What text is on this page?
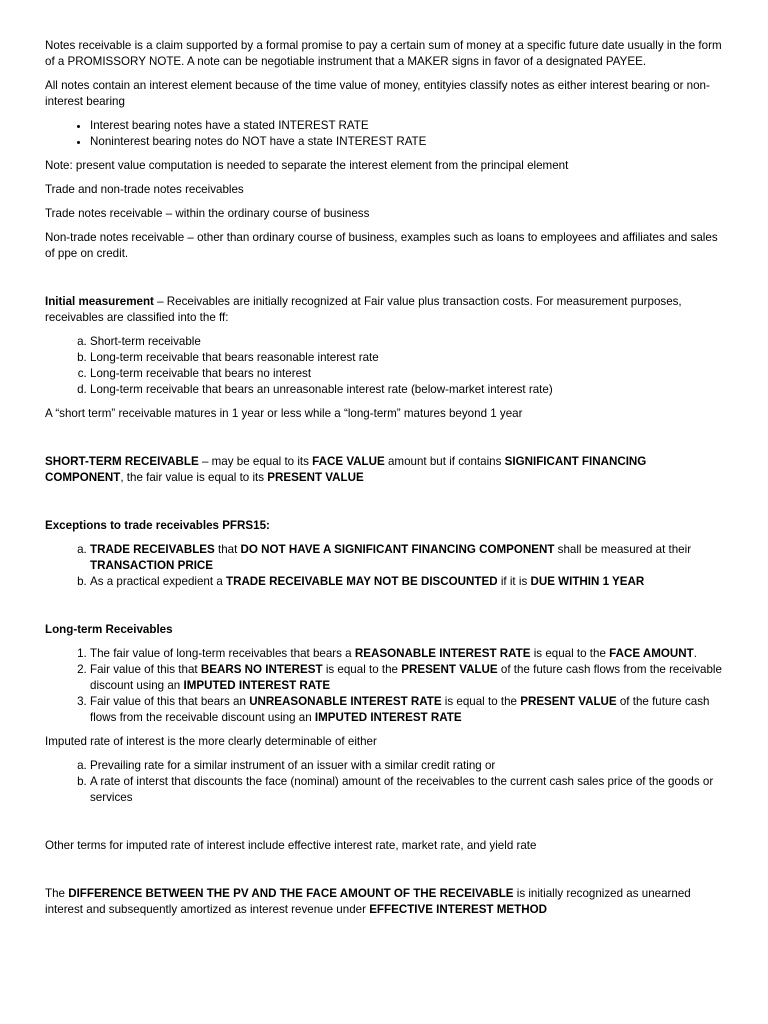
Notes receivable is a claim supported by a formal promise to pay a certain sum of money at a specific future date usually in the form of a PROMISSORY NOTE. A note can be negotiable instrument that a MAKER signs in favor of a designated PAYEE.

All notes contain an interest element because of the time value of money, entityies classify notes as either interest bearing or non-interest bearing

• Interest bearing notes have a stated INTEREST RATE
• Noninterest bearing notes do NOT have a state INTEREST RATE

Note: present value computation is needed to separate the interest element from the principal element

Trade and non-trade notes receivables

Trade notes receivable – within the ordinary course of business

Non-trade notes receivable – other than ordinary course of business, examples such as loans to employees and affiliates and sales of ppe on credit.

Initial measurement – Receivables are initially recognized at Fair value plus transaction costs. For measurement purposes, receivables are classified into the ff:

a. Short-term receivable
b. Long-term receivable that bears reasonable interest rate
c. Long-term receivable that bears no interest
d. Long-term receivable that bears an unreasonable interest rate (below-market interest rate)

A “short term” receivable matures in 1 year or less while a “long-term” matures beyond 1 year

SHORT-TERM RECEIVABLE – may be equal to its FACE VALUE amount but if contains SIGNIFICANT FINANCING COMPONENT, the fair value is equal to its PRESENT VALUE

Exceptions to trade receivables PFRS15:

a. TRADE RECEIVABLES that DO NOT HAVE A SIGNIFICANT FINANCING COMPONENT shall be measured at their TRANSACTION PRICE
b. As a practical expedient a TRADE RECEIVABLE MAY NOT BE DISCOUNTED if it is DUE WITHIN 1 YEAR

Long-term Receivables

1. The fair value of long-term receivables that bears a REASONABLE INTEREST RATE is equal to the FACE AMOUNT.
2. Fair value of this that BEARS NO INTEREST is equal to the PRESENT VALUE of the future cash flows from the receivable discount using an IMPUTED INTEREST RATE
3. Fair value of this that bears an UNREASONABLE INTEREST RATE is equal to the PRESENT VALUE of the future cash flows from the receivable discount using an IMPUTED INTEREST RATE

Imputed rate of interest is the more clearly determinable of either

a. Prevailing rate for a similar instrument of an issuer with a similar credit rating or
b. A rate of interst that discounts the face (nominal) amount of the receivables to the current cash sales price of the goods or services

Other terms for imputed rate of interest include effective interest rate, market rate, and yield rate

The DIFFERENCE BETWEEN THE PV AND THE FACE AMOUNT OF THE RECEIVABLE is initially recognized as unearned interest and subsequently amortized as interest revenue under EFFECTIVE INTEREST METHOD
